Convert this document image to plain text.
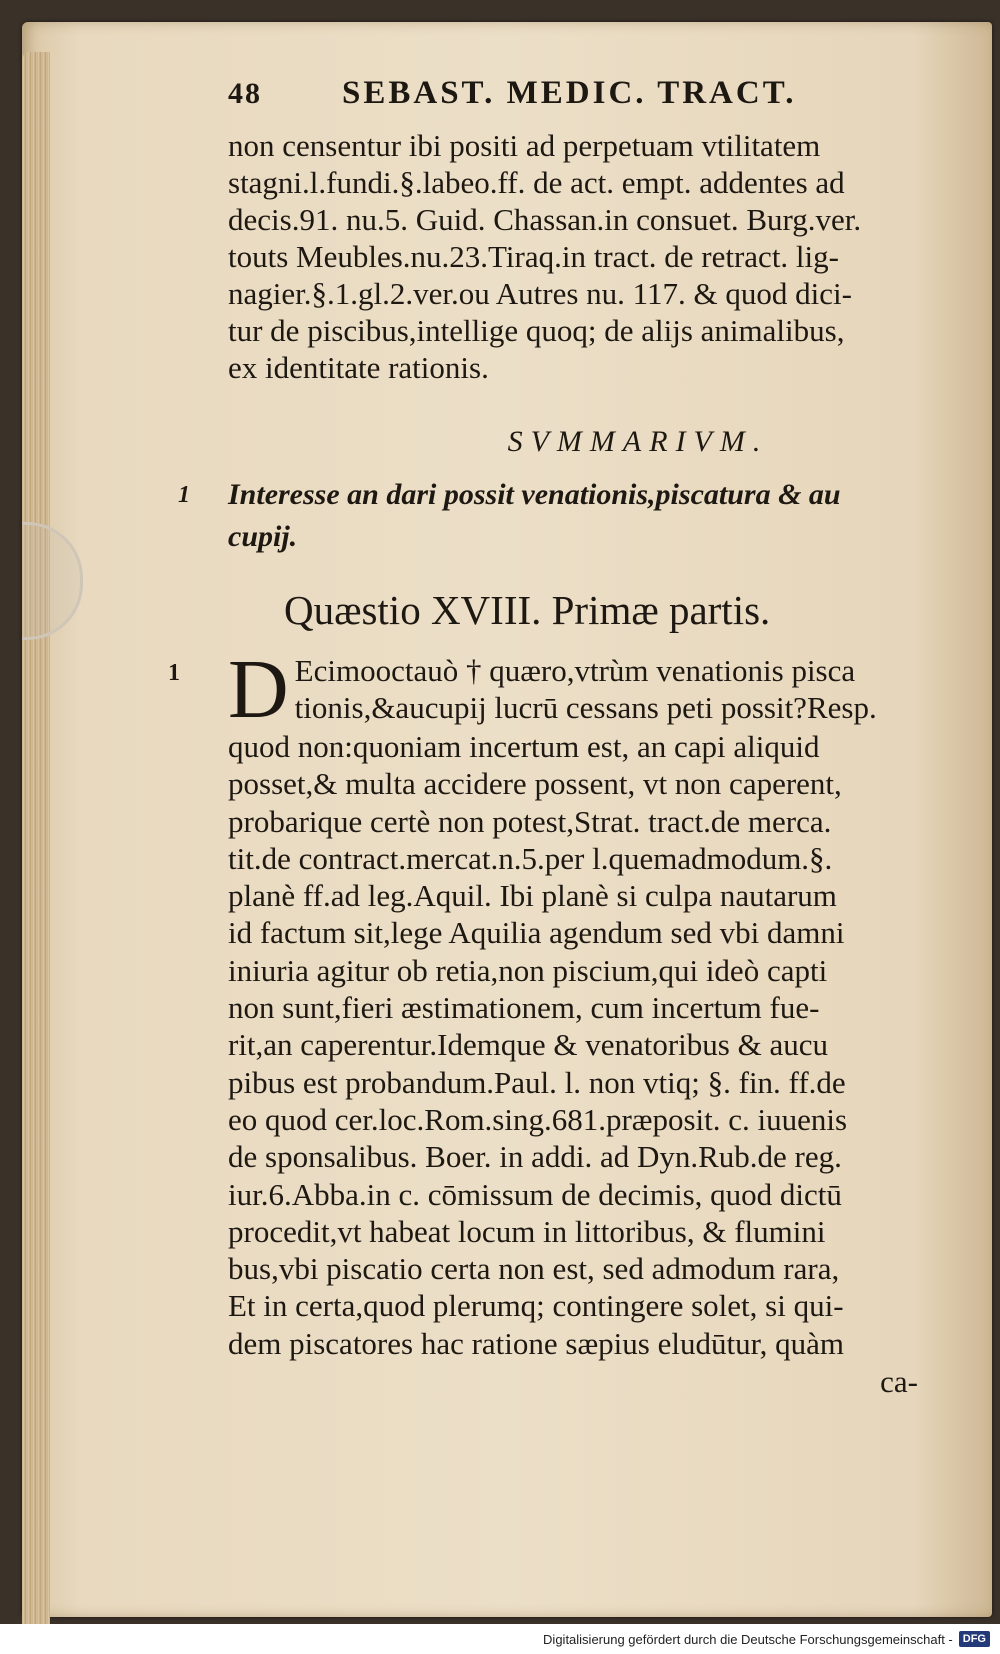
48	SEBAST. MEDIC. TRACT.
non censentur ibi positi ad perpetuam vtilitatem
stagni.l.fundi.§.labeo.ff. de act. empt. addentes ad
decis.91. nu.5. Guid. Chassan.in consuet. Burg.ver.
touts Meubles.nu.23.Tiraq.in tract. de retract. lig-
nagier.§.1.gl.2.ver.ou Autres nu. 117. & quod dici-
tur de piscibus,intellige quoq; de alijs animalibus,
ex identitate rationis.
SVMMARIVM.
1 Interesse an dari possit venationis,piscatura & au
cupij.
Quæstio XVIII. Primæ partis.
1 D Ecimooctauò † quæro,vtrùm venationis pisca
tionis,&aucupij lucrū cessans peti possit?Resp.
quod non:quoniam incertum est, an capi aliquid
posset,& multa accidere possent, vt non caperent,
probarique certè non potest,Strat. tract.de merca.
tit.de contract.mercat.n.5.per l.quemadmodum.§.
planè ff.ad leg.Aquil. Ibi planè si culpa nautarum
id factum sit,lege Aquilia agendum sed vbi damni
iniuria agitur ob retia,non piscium,qui ideò capti
non sunt,fieri æstimationem, cum incertum fue-
rit,an caperentur.Idemque & venatoribus & aucu
pibus est probandum.Paul. l. non vtiq; §. fin. ff.de
eo quod cer.loc.Rom.sing.681.præposit. c. iuuenis
de sponsalibus. Boer. in addi. ad Dyn.Rub.de reg.
iur.6.Abba.in c. cōmissum de decimis, quod dictū
procedit,vt habeat locum in littoribus, & flumini
bus,vbi piscatio certa non est, sed admodum rara,
Et in certa,quod plerumq; contingere solet, si qui-
dem piscatores hac ratione sæpius eludūtur, quàm
ca-
Digitalisierung gefördert durch die Deutsche Forschungsgemeinschaft - DFG
